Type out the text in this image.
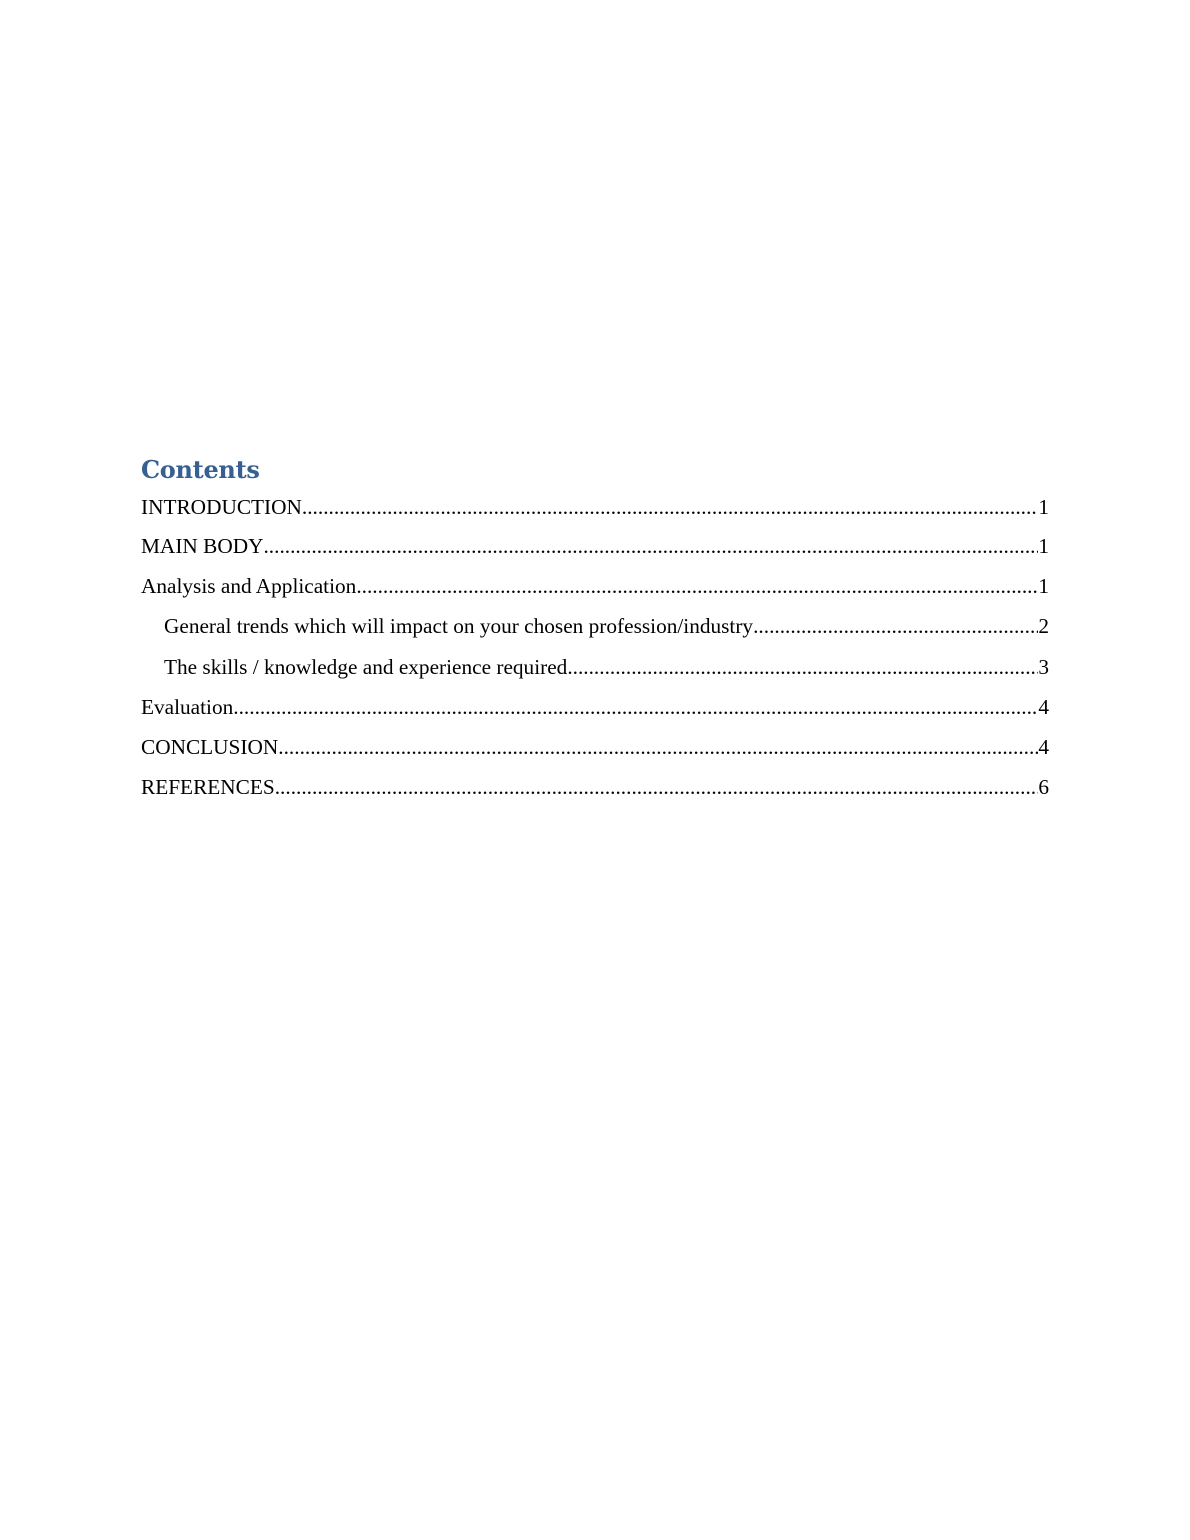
Contents
INTRODUCTION .....	1
MAIN BODY .....	1
Analysis and Application .....	1
General trends which will impact on your chosen profession/industry .....	2
The skills / knowledge and experience required .....	3
Evaluation .....	4
CONCLUSION .....	4
REFERENCES .....	6
